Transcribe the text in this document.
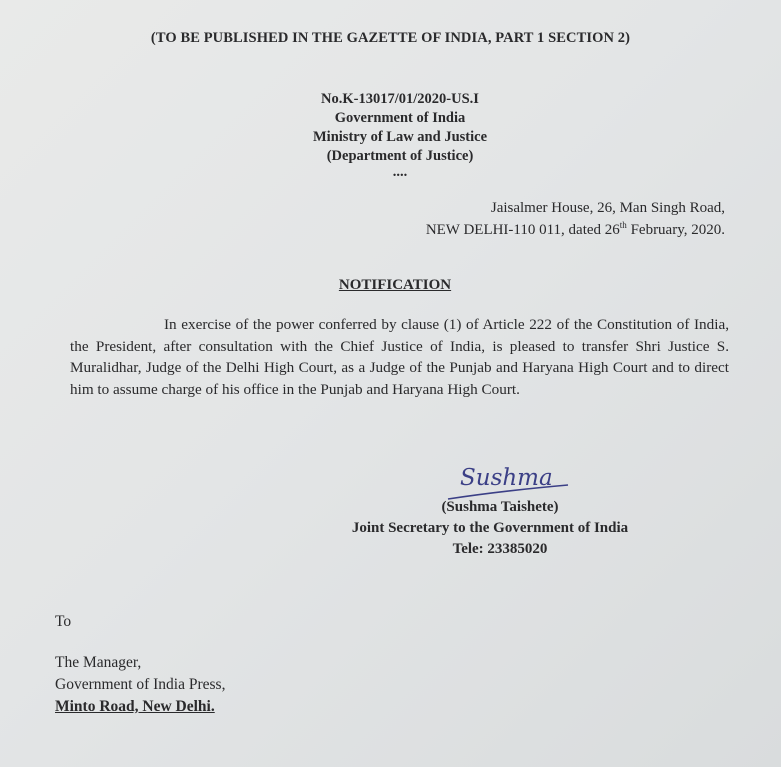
(TO BE PUBLISHED IN THE GAZETTE OF INDIA, PART 1 SECTION 2)
No.K-13017/01/2020-US.I
Government of India
Ministry of Law and Justice
(Department of Justice)
....
Jaisalmer House, 26, Man Singh Road,
NEW DELHI-110 011, dated 26th February, 2020.
NOTIFICATION
In exercise of the power conferred by clause (1) of Article 222 of the Constitution of India, the President, after consultation with the Chief Justice of India, is pleased to transfer Shri Justice S. Muralidhar, Judge of the Delhi High Court, as a Judge of the Punjab and Haryana High Court and to direct him to assume charge of his office in the Punjab and Haryana High Court.
Sushma
(Sushma Taishete)
Joint Secretary to the Government of India
Tele: 23385020
To
The Manager,
Government of India Press,
Minto Road, New Delhi.
